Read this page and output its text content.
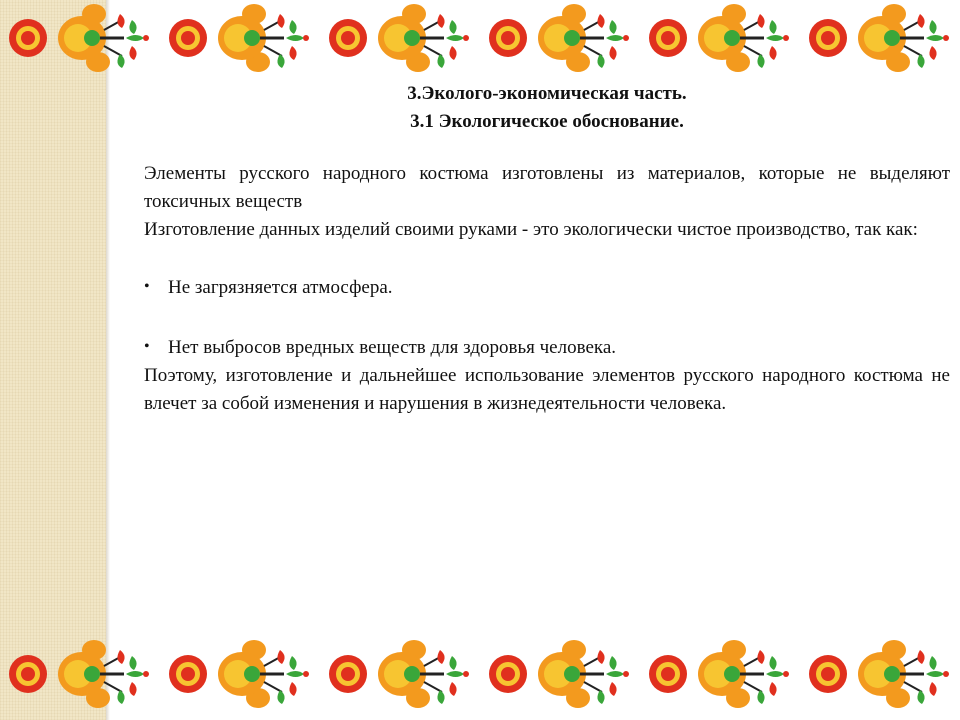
3.Эколого-экономическая часть.
3.1 Экологическое обоснование.

Элементы русского народного костюма изготовлены из материалов, которые не выделяют токсичных веществ

Изготовление данных изделий своими руками - это экологически чистое производство, так как:

• Не загрязняется атмосфера.

• Нет выбросов вредных веществ для здоровья человека.

Поэтому, изготовление и дальнейшее использование элементов русского народного костюма не влечет за собой изменения и нарушения в жизнедеятельности человека.
